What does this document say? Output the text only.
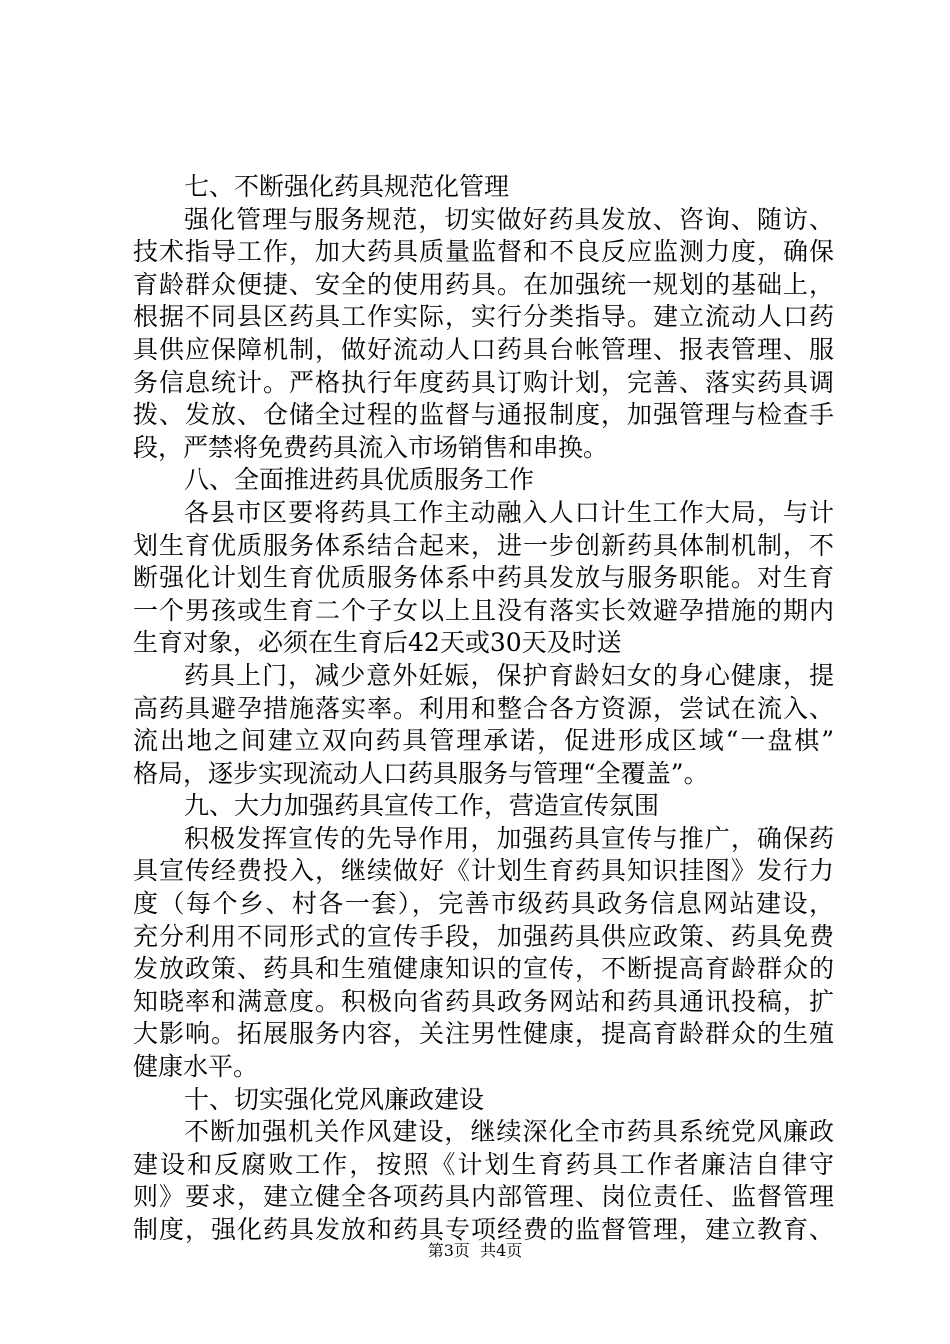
七、不断强化药具规范化管理
强化管理与服务规范，切实做好药具发放、咨询、随访、
技术指导工作，加大药具质量监督和不良反应监测力度，确保
育龄群众便捷、安全的使用药具。在加强统一规划的基础上，
根据不同县区药具工作实际，实行分类指导。建立流动人口药
具供应保障机制，做好流动人口药具台帐管理、报表管理、服
务信息统计。严格执行年度药具订购计划，完善、落实药具调
拨、发放、仓储全过程的监督与通报制度，加强管理与检查手
段，严禁将免费药具流入市场销售和串换。
八、全面推进药具优质服务工作
各县市区要将药具工作主动融入人口计生工作大局，与计
划生育优质服务体系结合起来，进一步创新药具体制机制，不
断强化计划生育优质服务体系中药具发放与服务职能。对生育
一个男孩或生育二个子女以上且没有落实长效避孕措施的期内
生育对象，必须在生育后42天或30天及时送
药具上门，减少意外妊娠，保护育龄妇女的身心健康，提
高药具避孕措施落实率。利用和整合各方资源，尝试在流入、
流出地之间建立双向药具管理承诺，促进形成区域“一盘棋”
格局，逐步实现流动人口药具服务与管理“全覆盖”。
九、大力加强药具宣传工作，营造宣传氛围
积极发挥宣传的先导作用，加强药具宣传与推广，确保药
具宣传经费投入，继续做好《计划生育药具知识挂图》发行力
度（每个乡、村各一套），完善市级药具政务信息网站建设，
充分利用不同形式的宣传手段，加强药具供应政策、药具免费
发放政策、药具和生殖健康知识的宣传，不断提高育龄群众的
知晓率和满意度。积极向省药具政务网站和药具通讯投稿，扩
大影响。拓展服务内容，关注男性健康，提高育龄群众的生殖
健康水平。
十、切实强化党风廉政建设
不断加强机关作风建设，继续深化全市药具系统党风廉政
建设和反腐败工作，按照《计划生育药具工作者廉洁自律守
则》要求，建立健全各项药具内部管理、岗位责任、监督管理
制度，强化药具发放和药具专项经费的监督管理，建立教育、
第3页  共4页
